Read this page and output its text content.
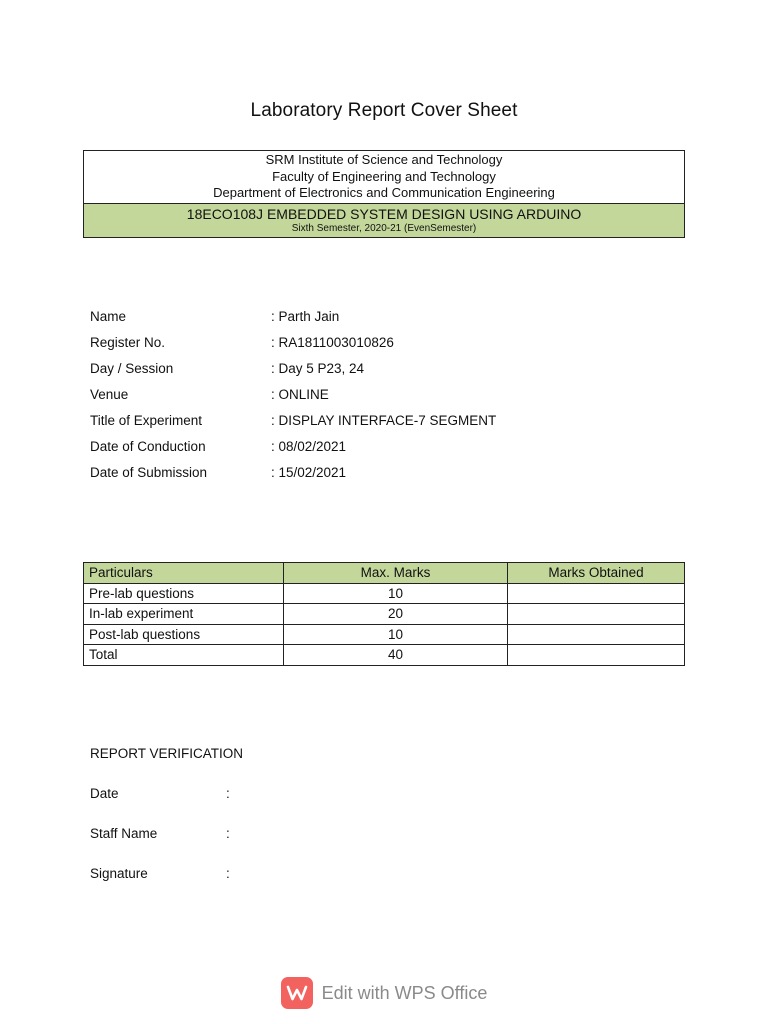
Laboratory Report Cover Sheet
SRM Institute of Science and Technology
Faculty of Engineering and Technology
Department of Electronics and Communication Engineering
18ECO108J EMBEDDED SYSTEM DESIGN USING ARDUINO
Sixth Semester, 2020-21 (EvenSemester)
Name	: Parth Jain
Register No.	: RA1811003010826
Day / Session	: Day 5 P23, 24
Venue	: ONLINE
Title of Experiment	: DISPLAY INTERFACE-7 SEGMENT
Date of Conduction	: 08/02/2021
Date of Submission	: 15/02/2021
Particulars	Max. Marks	Marks Obtained
Pre-lab questions	10	
In-lab experiment	20	
Post-lab questions	10	
Total	40	
REPORT VERIFICATION
Date	:
Staff Name	:
Signature	:
Edit with WPS Office
